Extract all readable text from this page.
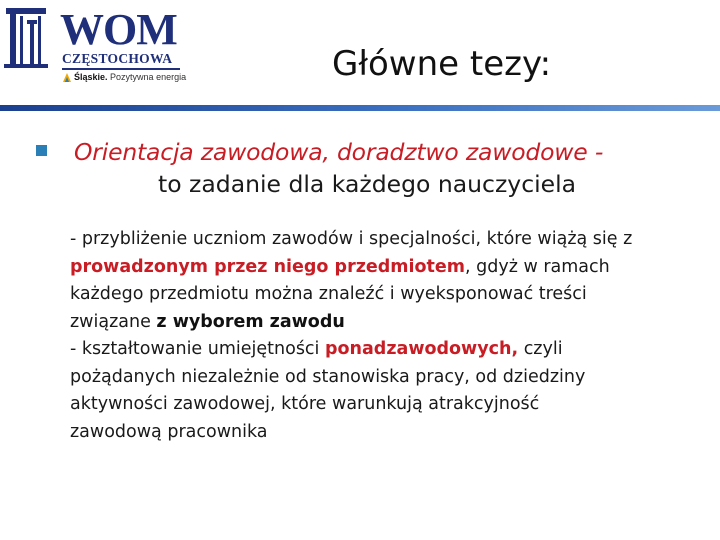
WOM
CZĘSTOCHOWA
Śląskie. Pozytywna energia	Główne tezy:
Orientacja zawodowa, doradztwo zawodowe -
to zadanie dla każdego nauczyciela
- przybliżenie uczniom zawodów i specjalności, które wiążą się z
prowadzonym przez niego przedmiotem, gdyż w ramach
każdego przedmiotu można znaleźć i wyeksponować treści
związane z wyborem zawodu
- kształtowanie umiejętności ponadzawodowych, czyli
pożądanych niezależnie od stanowiska pracy, od dziedziny
aktywności zawodowej, które warunkują atrakcyjność
zawodową pracownika
